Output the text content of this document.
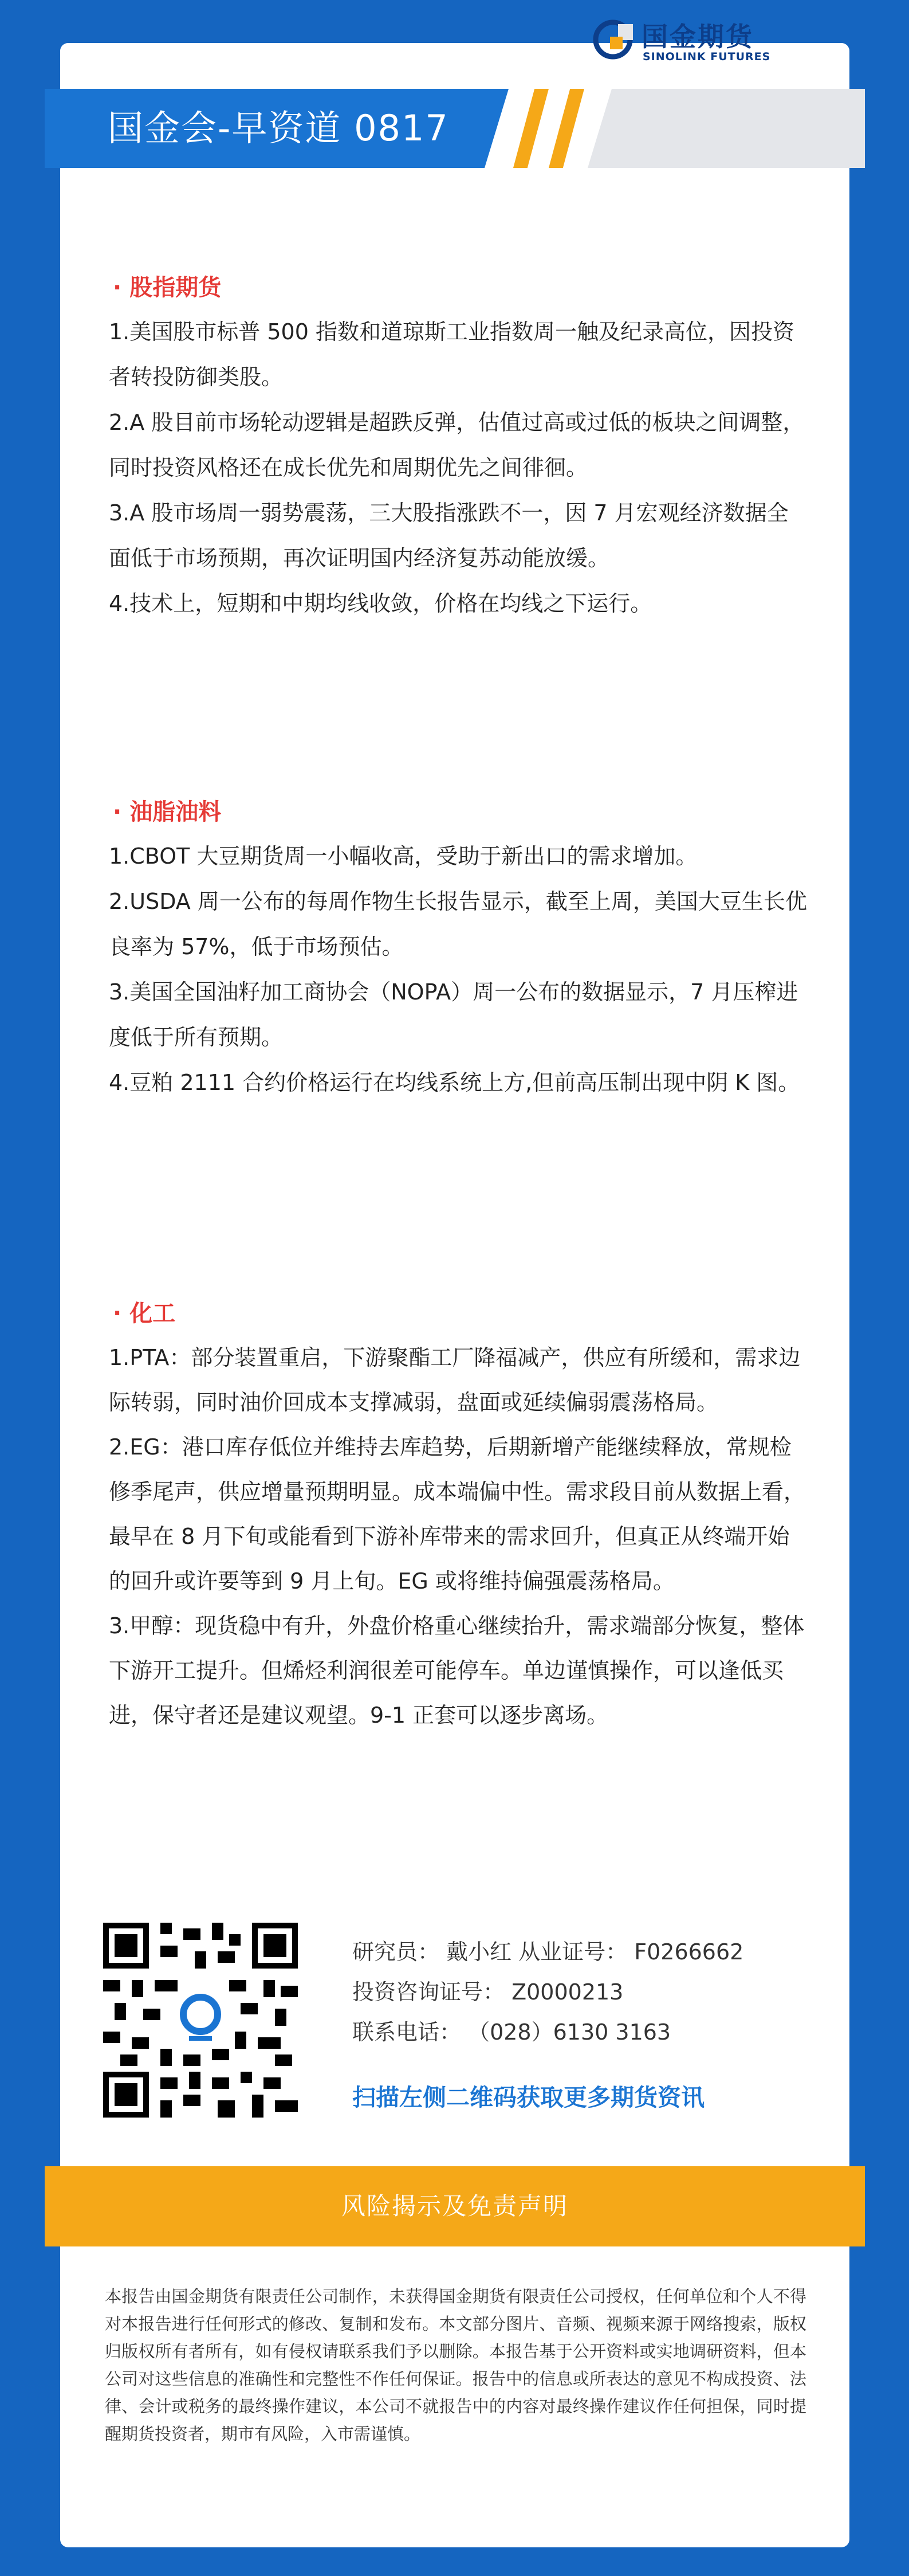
国金会-早资道 0817
国金期货
SINOLINK FUTURES
· 股指期货

1.美国股市标普 500 指数和道琼斯工业指数周一触及纪录高位，因投资者转投防御类股。

2.A 股目前市场轮动逻辑是超跌反弹，估值过高或过低的板块之间调整，同时投资风格还在成长优先和周期优先之间徘徊。

3.A 股市场周一弱势震荡，三大股指涨跌不一，因 7 月宏观经济数据全面低于市场预期，再次证明国内经济复苏动能放缓。

4.技术上，短期和中期均线收敛，价格在均线之下运行。

· 油脂油料

1.CBOT 大豆期货周一小幅收高，受助于新出口的需求增加。

2.USDA 周一公布的每周作物生长报告显示，截至上周，美国大豆生长优良率为 57%，低于市场预估。

3.美国全国油籽加工商协会（NOPA）周一公布的数据显示，7 月压榨进度低于所有预期。

4.豆粕 2111 合约价格运行在均线系统上方,但前高压制出现中阴 K 图。

· 化工

1.PTA：部分装置重启，下游聚酯工厂降福减产，供应有所缓和，需求边际转弱，同时油价回成本支撑减弱，盘面或延续偏弱震荡格局。

2.EG：港口库存低位并维持去库趋势，后期新增产能继续释放，常规检修季尾声，供应增量预期明显。成本端偏中性。需求段目前从数据上看，最早在 8 月下旬或能看到下游补库带来的需求回升，但真正从终端开始的回升或许要等到 9 月上旬。EG 或将维持偏强震荡格局。

3.甲醇：现货稳中有升，外盘价格重心继续抬升，需求端部分恢复，整体下游开工提升。但烯烃利润很差可能停车。单边谨慎操作，可以逢低买进，保守者还是建议观望。9-1 正套可以逐步离场。

研究员： 戴小红 从业证号： F0266662
投资咨询证号： Z0000213
联系电话： （028）6130 3163
扫描左侧二维码获取更多期货资讯
风险揭示及免责声明
本报告由国金期货有限责任公司制作，未获得国金期货有限责任公司授权，任何单位和个人不得对本报告进行任何形式的修改、复制和发布。本文部分图片、音频、视频来源于网络搜索，版权归版权所有者所有，如有侵权请联系我们予以删除。本报告基于公开资料或实地调研资料，但本公司对这些信息的准确性和完整性不作任何保证。报告中的信息或所表达的意见不构成投资、法律、会计或税务的最终操作建议，本公司不就报告中的内容对最终操作建议作任何担保，同时提醒期货投资者，期市有风险，入市需谨慎。
